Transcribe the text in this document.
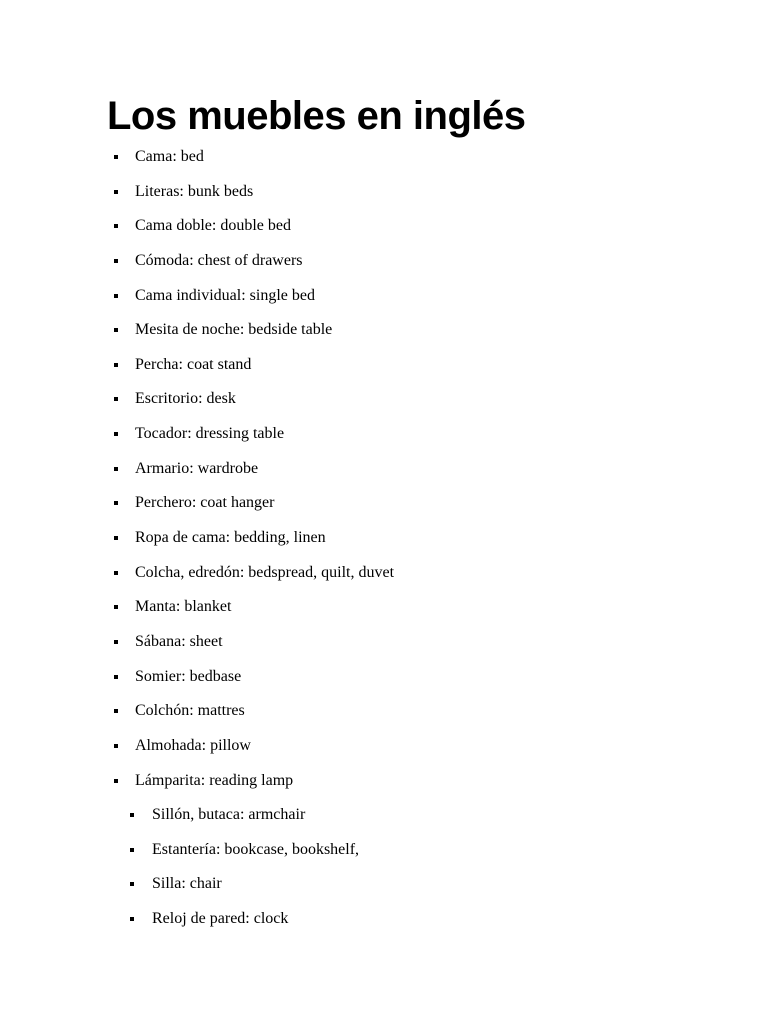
Los muebles en inglés
Cama: bed
Literas: bunk beds
Cama doble: double bed
Cómoda: chest of drawers
Cama individual: single bed
Mesita de noche: bedside table
Percha: coat stand
Escritorio: desk
Tocador: dressing table
Armario: wardrobe
Perchero: coat hanger
Ropa de cama: bedding, linen
Colcha, edredón: bedspread, quilt, duvet
Manta: blanket
Sábana: sheet
Somier: bedbase
Colchón: mattres
Almohada: pillow
Lámparita: reading lamp
Sillón, butaca: armchair
Estantería: bookcase, bookshelf,
Silla: chair
Reloj de pared: clock
